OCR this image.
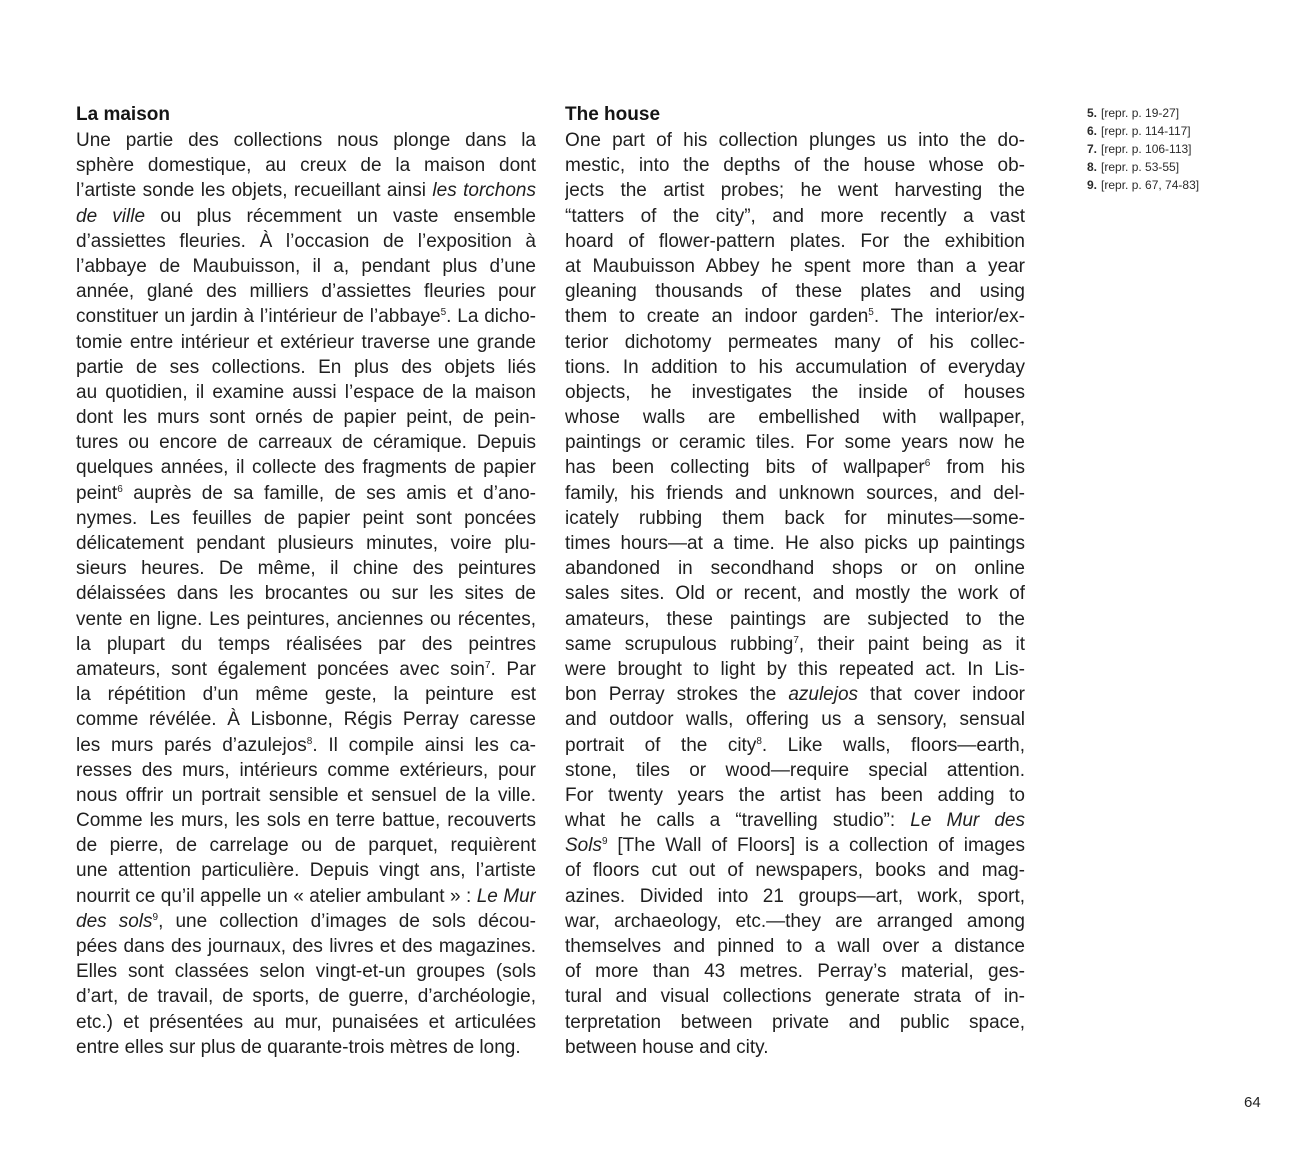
La maison
Une partie des collections nous plonge dans la
sphère domestique, au creux de la maison dont
l’artiste sonde les objets, recueillant ainsi les torchons
de ville ou plus récemment un vaste ensemble
d’assiettes fleuries. À l’occasion de l’exposition à
l’abbaye de Maubuisson, il a, pendant plus d’une
année, glané des milliers d’assiettes fleuries pour
constituer un jardin à l’intérieur de l’abbaye$^5$. La dicho-
tomie entre intérieur et extérieur traverse une grande
partie de ses collections. En plus des objets liés
au quotidien, il examine aussi l’espace de la maison
dont les murs sont ornés de papier peint, de pein-
tures ou encore de carreaux de céramique. Depuis
quelques années, il collecte des fragments de papier
peint$^6$ auprès de sa famille, de ses amis et d’ano-
nymes. Les feuilles de papier peint sont poncées
délicatement pendant plusieurs minutes, voire plu-
sieurs heures. De même, il chine des peintures
délaissées dans les brocantes ou sur les sites de
vente en ligne. Les peintures, anciennes ou récentes,
la plupart du temps réalisées par des peintres
amateurs, sont également poncées avec soin$^7$. Par
la répétition d’un même geste, la peinture est
comme révélée. À Lisbonne, Régis Perray caresse
les murs parés d’azulejos$^8$. Il compile ainsi les ca-
resses des murs, intérieurs comme extérieurs, pour
nous offrir un portrait sensible et sensuel de la ville.
Comme les murs, les sols en terre battue, recouverts
de pierre, de carrelage ou de parquet, requièrent
une attention particulière. Depuis vingt ans, l’artiste
nourrit ce qu’il appelle un « atelier ambulant » : Le Mur
des sols$^9$, une collection d’images de sols décou-
pées dans des journaux, des livres et des magazines.
Elles sont classées selon vingt-et-un groupes (sols
d’art, de travail, de sports, de guerre, d’archéologie,
etc.) et présentées au mur, punaisées et articulées
entre elles sur plus de quarante-trois mètres de long.
The house
One part of his collection plunges us into the do-
mestic, into the depths of the house whose ob-
jects the artist probes; he went harvesting the
“tatters of the city”, and more recently a vast
hoard of flower-pattern plates. For the exhibition
at Maubuisson Abbey he spent more than a year
gleaning thousands of these plates and using
them to create an indoor garden$^5$. The interior/ex-
terior dichotomy permeates many of his collec-
tions. In addition to his accumulation of everyday
objects, he investigates the inside of houses
whose walls are embellished with wallpaper,
paintings or ceramic tiles. For some years now he
has been collecting bits of wallpaper$^6$ from his
family, his friends and unknown sources, and del-
icately rubbing them back for minutes—some-
times hours—at a time. He also picks up paintings
abandoned in secondhand shops or on online
sales sites. Old or recent, and mostly the work of
amateurs, these paintings are subjected to the
same scrupulous rubbing$^7$, their paint being as it
were brought to light by this repeated act. In Lis-
bon Perray strokes the azulejos that cover indoor
and outdoor walls, offering us a sensory, sensual
portrait of the city$^8$. Like walls, floors—earth,
stone, tiles or wood—require special attention.
For twenty years the artist has been adding to
what he calls a “travelling studio”: Le Mur des
Sols$^9$ [The Wall of Floors] is a collection of images
of floors cut out of newspapers, books and mag-
azines. Divided into 21 groups—art, work, sport,
war, archaeology, etc.—they are arranged among
themselves and pinned to a wall over a distance
of more than 43 metres. Perray’s material, ges-
tural and visual collections generate strata of in-
terpretation between private and public space,
between house and city.
5. [repr. p. 19-27]
6. [repr. p. 114-117]
7. [repr. p. 106-113]
8. [repr. p. 53-55]
9. [repr. p. 67, 74-83]
64
